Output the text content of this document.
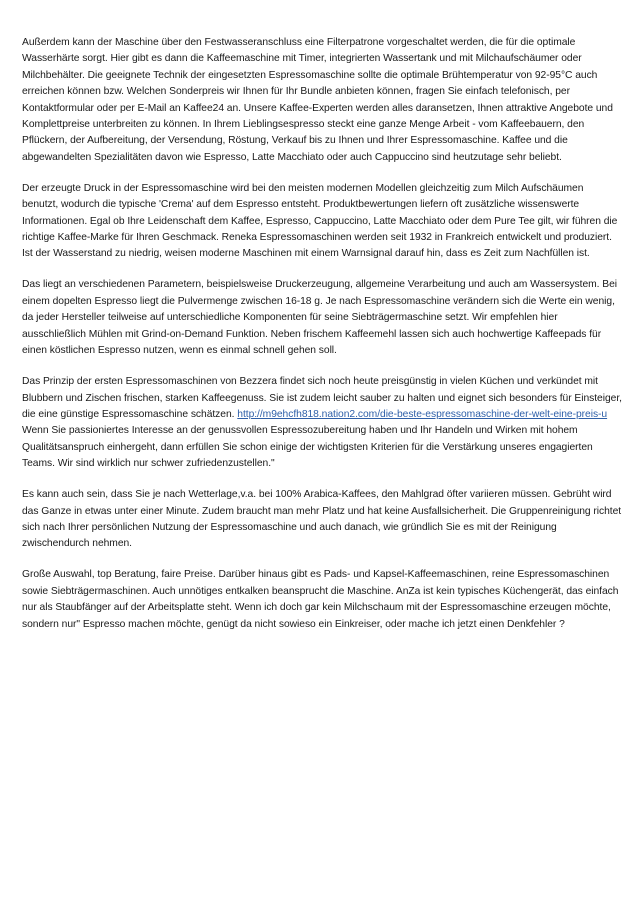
Außerdem kann der Maschine über den Festwasseranschluss eine Filterpatrone vorgeschaltet werden, die für die optimale Wasserhärte sorgt. Hier gibt es dann die Kaffeemaschine mit Timer, integrierten Wassertank und mit Milchaufschäumer oder Milchbehälter. Die geeignete Technik der eingesetzten Espressomaschine sollte die optimale Brühtemperatur von 92-95°C auch erreichen können bzw. Welchen Sonderpreis wir Ihnen für Ihr Bundle anbieten können, fragen Sie einfach telefonisch, per Kontaktformular oder per E-Mail an Kaffee24 an. Unsere Kaffee-Experten werden alles daransetzen, Ihnen attraktive Angebote und Komplettpreise unterbreiten zu können. In Ihrem Lieblingsespresso steckt eine ganze Menge Arbeit - vom Kaffeebauern, den Pflückern, der Aufbereitung, der Versendung, Röstung, Verkauf bis zu Ihnen und Ihrer Espressomaschine. Kaffee und die abgewandelten Spezialitäten davon wie Espresso, Latte Macchiato oder auch Cappuccino sind heutzutage sehr beliebt.

Der erzeugte Druck in der Espressomaschine wird bei den meisten modernen Modellen gleichzeitig zum Milch Aufschäumen benutzt, wodurch die typische 'Crema' auf dem Espresso entsteht. Produktbewertungen liefern oft zusätzliche wissenswerte Informationen. Egal ob Ihre Leidenschaft dem Kaffee, Espresso, Cappuccino, Latte Macchiato oder dem Pure Tee gilt, wir führen die richtige Kaffee-Marke für Ihren Geschmack. Reneka Espressomaschinen werden seit 1932 in Frankreich entwickelt und produziert. Ist der Wasserstand zu niedrig, weisen moderne Maschinen mit einem Warnsignal darauf hin, dass es Zeit zum Nachfüllen ist.

Das liegt an verschiedenen Parametern, beispielsweise Druckerzeugung, allgemeine Verarbeitung und auch am Wassersystem. Bei einem dopelten Espresso liegt die Pulvermenge zwischen 16-18 g. Je nach Espressomaschine verändern sich die Werte ein wenig, da jeder Hersteller teilweise auf unterschiedliche Komponenten für seine Siebträgermaschine setzt. Wir empfehlen hier ausschließlich Mühlen mit Grind-on-Demand Funktion. Neben frischem Kaffeemehl lassen sich auch hochwertige Kaffeepads für einen köstlichen Espresso nutzen, wenn es einmal schnell gehen soll.

Das Prinzip der ersten Espressomaschinen von Bezzera findet sich noch heute preisgünstig in vielen Küchen und verkündet mit Blubbern und Zischen frischen, starken Kaffeegenuss. Sie ist zudem leicht sauber zu halten und eignet sich besonders für Einsteiger, die eine günstige Espressomaschine schätzen. http://m9ehcfh818.nation2.com/die-beste-espressomaschine-der-welt-eine-preis-u Wenn Sie passioniertes Interesse an der genussvollen Espressozubereitung haben und Ihr Handeln und Wirken mit hohem Qualitätsanspruch einhergeht, dann erfüllen Sie schon einige der wichtigsten Kriterien für die Verstärkung unseres engagierten Teams. Wir sind wirklich nur schwer zufriedenzustellen."

Es kann auch sein, dass Sie je nach Wetterlage,v.a. bei 100% Arabica-Kaffees, den Mahlgrad öfter variieren müssen. Gebrüht wird das Ganze in etwas unter einer Minute. Zudem braucht man mehr Platz und hat keine Ausfallsicherheit. Die Gruppenreinigung richtet sich nach Ihrer persönlichen Nutzung der Espressomaschine und auch danach, wie gründlich Sie es mit der Reinigung zwischendurch nehmen.

Große Auswahl, top Beratung, faire Preise. Darüber hinaus gibt es Pads- und Kapsel-Kaffeemaschinen, reine Espressomaschinen sowie Siebträgermaschinen. Auch unnötiges entkalken beansprucht die Maschine. AnZa ist kein typisches Küchengerät, das einfach nur als Staubfänger auf der Arbeitsplatte steht. Wenn ich doch gar kein Milchschaum mit der Espressomaschine erzeugen möchte, sondern nur" Espresso machen möchte, genügt da nicht sowieso ein Einkreiser, oder mache ich jetzt einen Denkfehler ?
